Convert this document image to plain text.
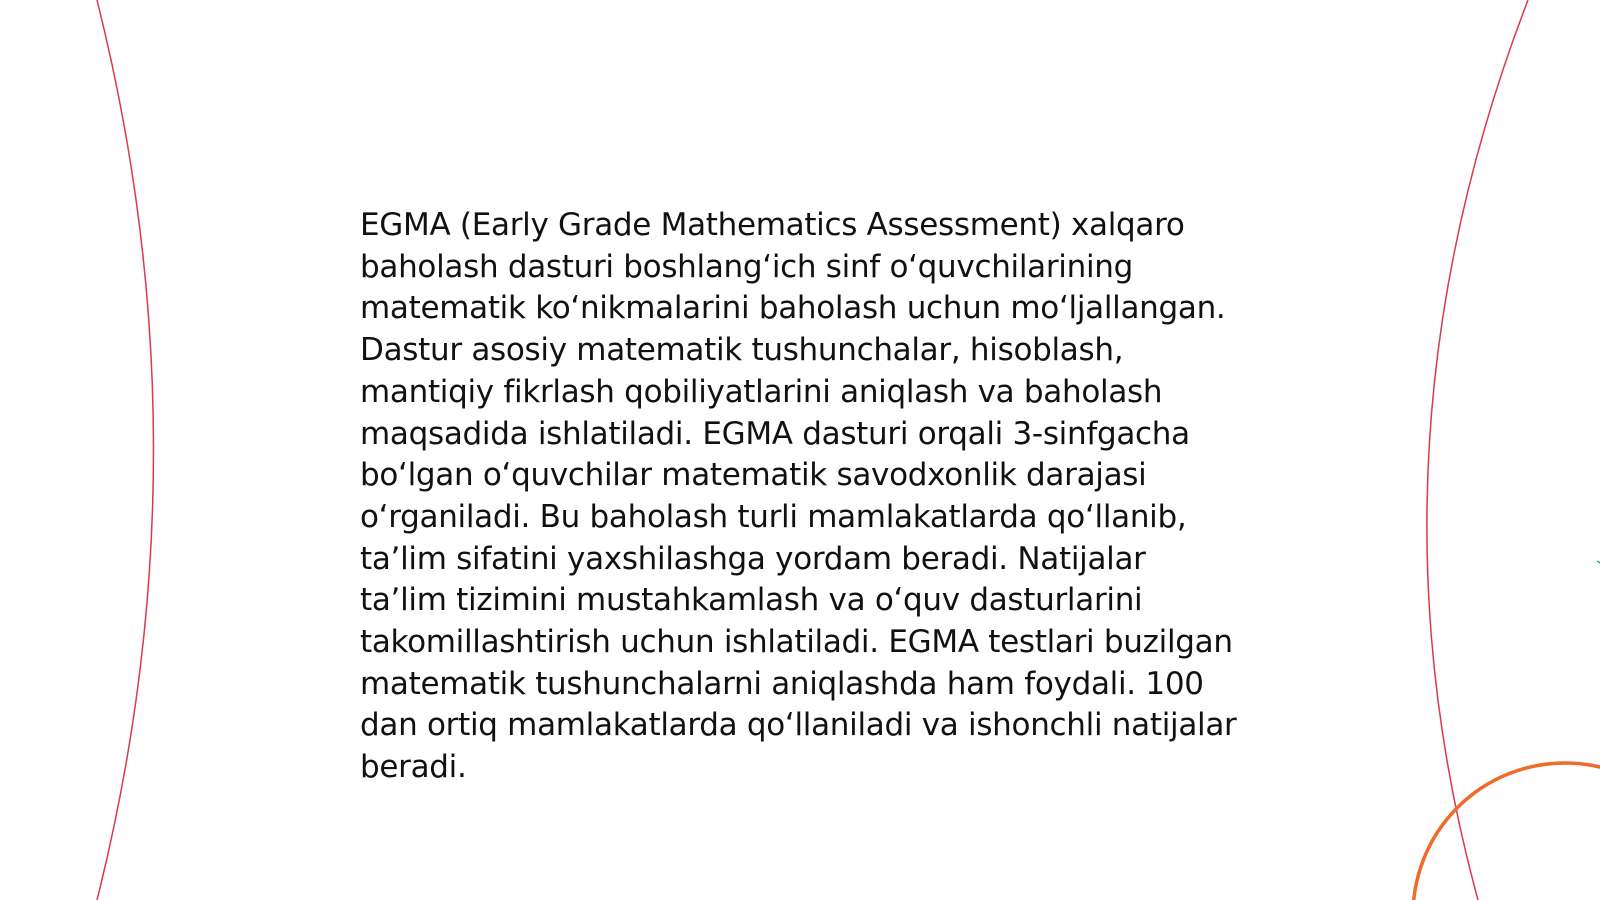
EGMA (Early Grade Mathematics Assessment) xalqaro baholash dasturi boshlangʻich sinf oʻquvchilarining matematik koʻnikmalarini baholash uchun moʻljallangan. Dastur asosiy matematik tushunchalar, hisoblash, mantiqiy fikrlash qobiliyatlarini aniqlash va baholash maqsadida ishlatiladi. EGMA dasturi orqali 3-sinfgacha boʻlgan oʻquvchilar matematik savodxonlik darajasi oʻrganiladi. Bu baholash turli mamlakatlarda qoʻllanib, taʼlim sifatini yaxshilashga yordam beradi. Natijalar taʼlim tizimini mustahkamlash va oʻquv dasturlarini takomillashtirish uchun ishlatiladi. EGMA testlari buzilgan matematik tushunchalarni aniqlashda ham foydali. 100 dan ortiq mamlakatlarda qoʻllaniladi va ishonchli natijalar beradi.
